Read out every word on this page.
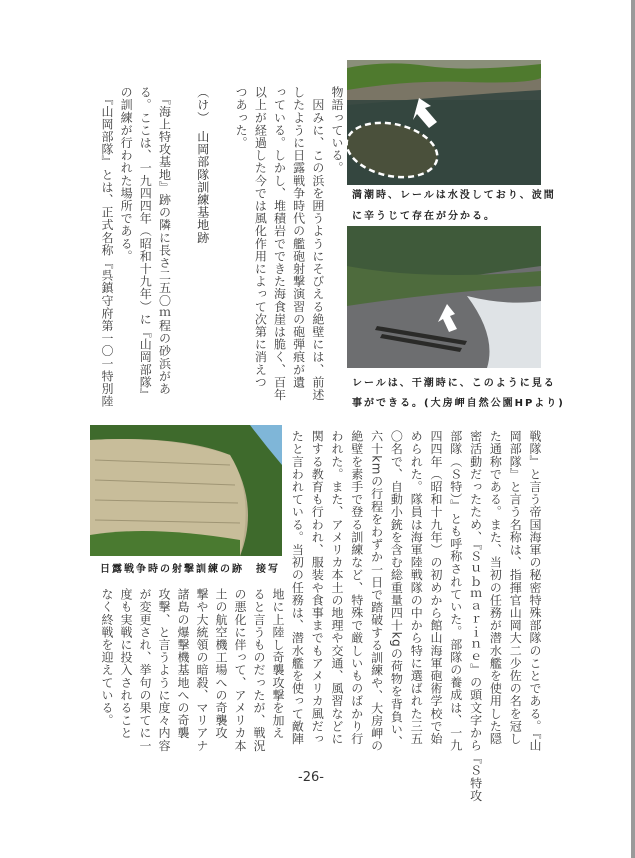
物語っている。
　因みに、この浜を囲うようにそびえる絶壁には、前述
したように日露戦争時代の艦砲射撃演習の砲弾痕が遺
っている。しかし、堆積岩でできた海食崖は脆く、百年
以上が経過した今では風化作用によって次第に消えつ
つあった。
（け）　山岡部隊訓練基地跡
　『海上特攻基地』跡の隣に長さ二五〇ｍ程の砂浜があ
る。ここは、一九四四年（昭和十九年）に『山岡部隊』
の訓練が行われた場所である。
　『山岡部隊』とは、正式名称『呉鎮守府第一〇一特別陸
戦隊』と言う帝国海軍の秘密特殊部隊のことである。『山
岡部隊』と言う名称は、指揮官山岡大二少佐の名を冠し
た通称である。また、当初の任務が潜水艦を使用した隠
密活動だったため、『Ｓｕｂｍａｒｉｎｅ』の頭文字から『Ｓ特攻
部隊（Ｓ特）』とも呼称されていた。部隊の養成は、一九
四四年（昭和十九年）の初めから館山海軍砲術学校で始
められた。隊員は海軍陸戦隊の中から特に選ばれた三五
〇名で、自動小銃を含む総重量四十kgの荷物を背負い、
六十kmの行程をわずか一日で踏破する訓練や、大房岬の
絶壁を素手で登る訓練など、特殊で厳しいものばかり行
われた。また、アメリカ本土の地理や交通、風習などに
関する教育も行われ、服装や食事までもアメリカ風だっ
たと言われている。当初の任務は、潜水艦を使って敵陣
地に上陸し奇襲攻撃を加え
ると言うものだったが、戦況
の悪化に伴って、アメリカ本
土の航空機工場への奇襲攻
撃や大統領の暗殺、マリアナ
諸島の爆撃機基地への奇襲
攻撃、と言うように度々内容
が変更され、挙句の果てに一
度も実戦に投入されること
なく終戦を迎えている。
満潮時、レールは水没しており、波間
に辛うじて存在が分かる。
レールは、干潮時に、このように見る
事ができる。(大房岬自然公園HPより)
日露戦争時の射撃訓練の跡　接写
-26-
